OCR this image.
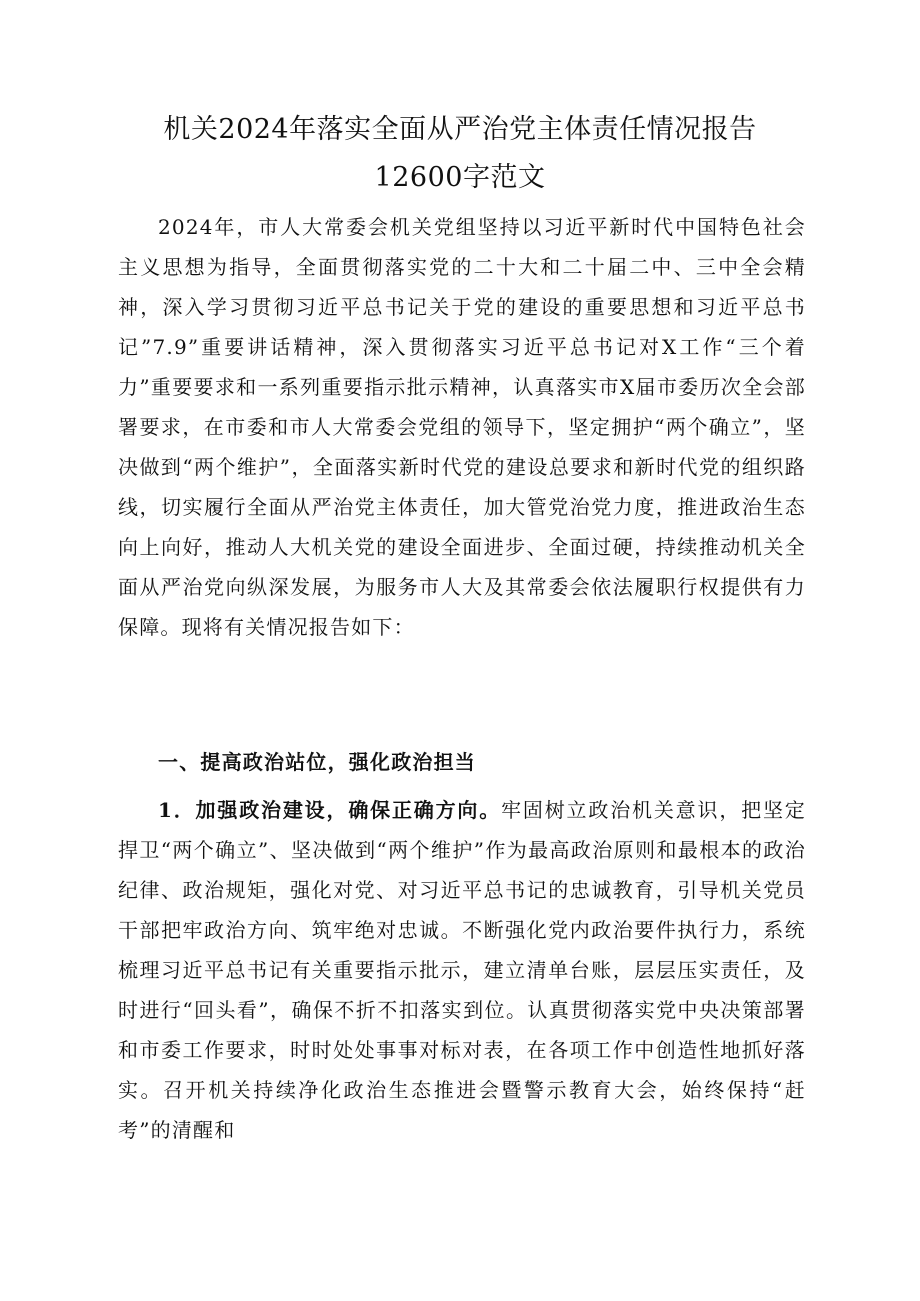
机关2024年落实全面从严治党主体责任情况报告
12600字范文
2024年，市人大常委会机关党组坚持以习近平新时代中国特色社会主义思想为指导，全面贯彻落实党的二十大和二十届二中、三中全会精神，深入学习贯彻习近平总书记关于党的建设的重要思想和习近平总书记”7.9”重要讲话精神，深入贯彻落实习近平总书记对X工作“三个着力”重要要求和一系列重要指示批示精神，认真落实市X届市委历次全会部署要求，在市委和市人大常委会党组的领导下，坚定拥护“两个确立”，坚决做到“两个维护”，全面落实新时代党的建设总要求和新时代党的组织路线，切实履行全面从严治党主体责任，加大管党治党力度，推进政治生态向上向好，推动人大机关党的建设全面进步、全面过硬，持续推动机关全面从严治党向纵深发展，为服务市人大及其常委会依法履职行权提供有力保障。现将有关情况报告如下：
一、提高政治站位，强化政治担当
1．加强政治建设，确保正确方向。牢固树立政治机关意识，把坚定捍卫“两个确立”、坚决做到“两个维护”作为最高政治原则和最根本的政治纪律、政治规矩，强化对党、对习近平总书记的忠诚教育，引导机关党员干部把牢政治方向、筑牢绝对忠诚。不断强化党内政治要件执行力，系统梳理习近平总书记有关重要指示批示，建立清单台账，层层压实责任，及时进行“回头看”，确保不折不扣落实到位。认真贯彻落实党中央决策部署和市委工作要求，时时处处事事对标对表，在各项工作中创造性地抓好落实。召开机关持续净化政治生态推进会暨警示教育大会，始终保持“赶考”的清醒和
